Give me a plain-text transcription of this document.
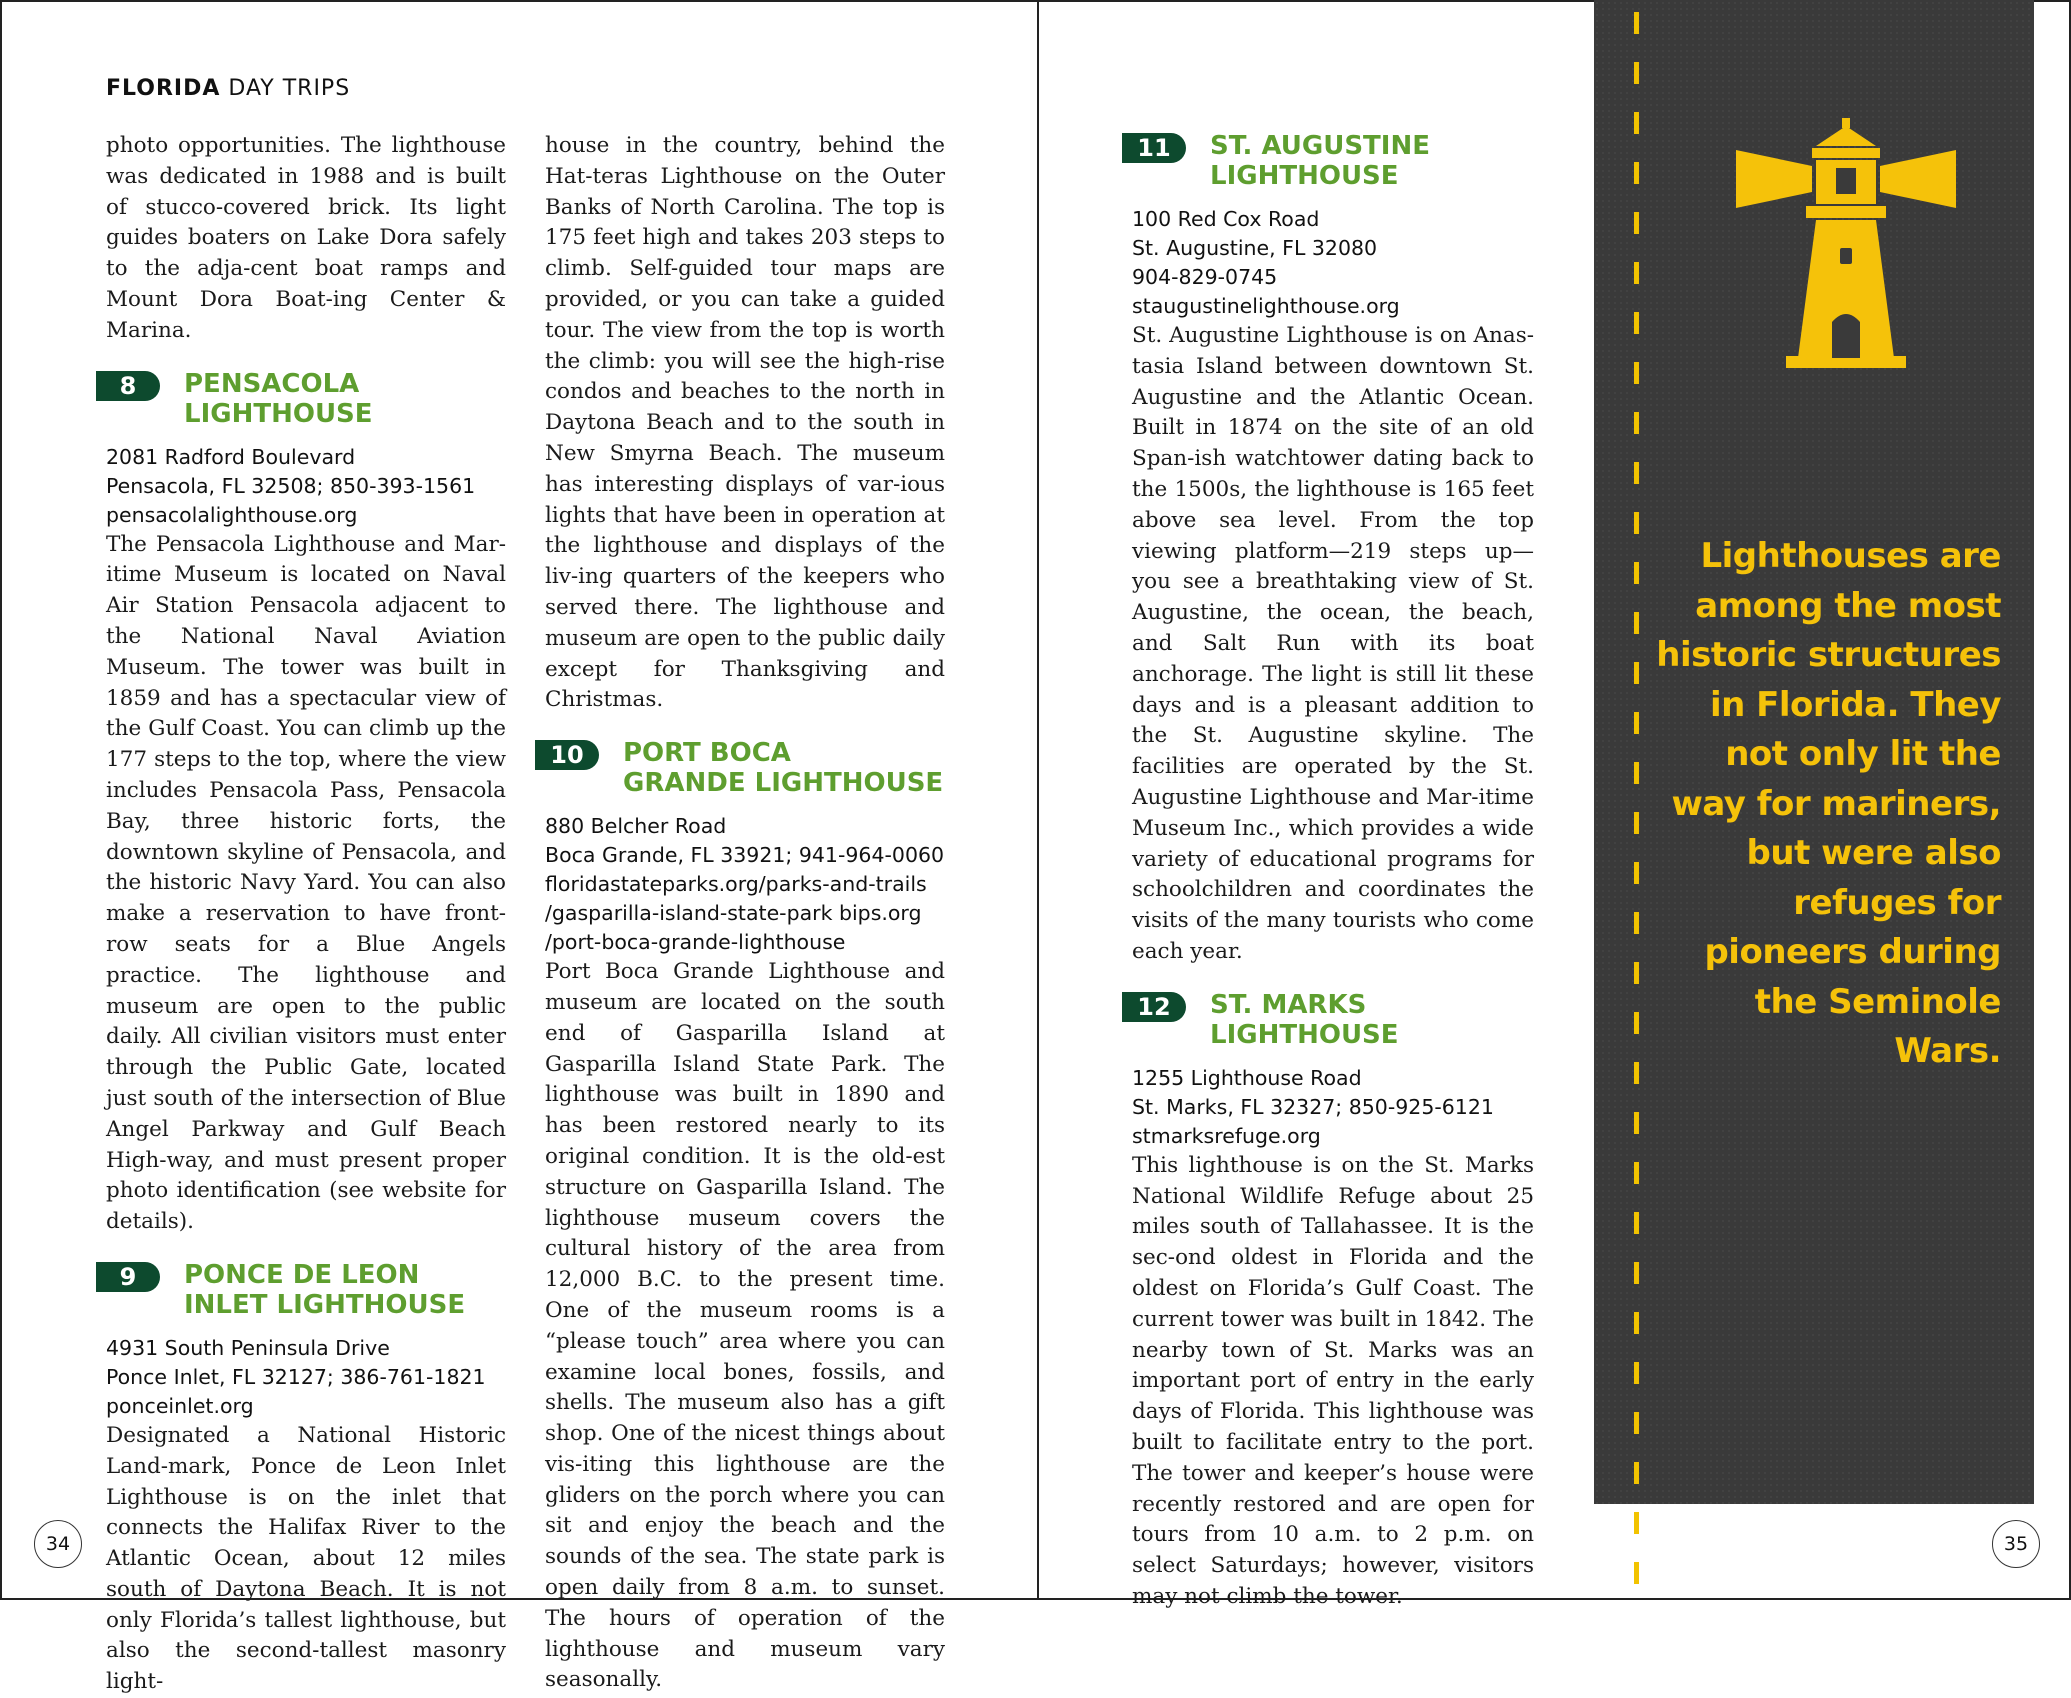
FLORIDA DAY TRIPS

photo opportunities. The lighthouse was dedicated in 1988 and is built of stucco-covered brick. Its light guides boaters on Lake Dora safely to the adja-cent boat ramps and Mount Dora Boat-ing Center & Marina.

8	PENSACOLA
LIGHTHOUSE
2081 Radford Boulevard
Pensacola, FL 32508; 850-393-1561
pensacolalighthouse.org

The Pensacola Lighthouse and Mar-itime Museum is located on Naval Air Station Pensacola adjacent to the National Naval Aviation Museum. The tower was built in 1859 and has a spectacular view of the Gulf Coast. You can climb up the 177 steps to the top, where the view includes Pensacola Pass, Pensacola Bay, three historic forts, the downtown skyline of Pensacola, and the historic Navy Yard. You can also make a reservation to have front-row seats for a Blue Angels practice. The lighthouse and museum are open to the public daily. All civilian visitors must enter through the Public Gate, located just south of the intersection of Blue Angel Parkway and Gulf Beach High-way, and must present proper photo identification (see website for details).

9	PONCE DE LEON
INLET LIGHTHOUSE
4931 South Peninsula Drive
Ponce Inlet, FL 32127; 386-761-1821
ponceinlet.org

Designated a National Historic Land-mark, Ponce de Leon Inlet Lighthouse is on the inlet that connects the Halifax River to the Atlantic Ocean, about 12 miles south of Daytona Beach. It is not only Florida’s tallest lighthouse, but also the second-tallest masonry light-

house in the country, behind the Hat-teras Lighthouse on the Outer Banks of North Carolina. The top is 175 feet high and takes 203 steps to climb. Self-guided tour maps are provided, or you can take a guided tour. The view from the top is worth the climb: you will see the high-rise condos and beaches to the north in Daytona Beach and to the south in New Smyrna Beach. The museum has interesting displays of var-ious lights that have been in operation at the lighthouse and displays of the liv-ing quarters of the keepers who served there. The lighthouse and museum are open to the public daily except for Thanksgiving and Christmas.

10	PORT BOCA
GRANDE LIGHTHOUSE
880 Belcher Road
Boca Grande, FL 33921; 941-964-0060
floridastateparks.org/parks-and-trails
/gasparilla-island-state-park bips.org
/port-boca-grande-lighthouse

Port Boca Grande Lighthouse and museum are located on the south end of Gasparilla Island at Gasparilla Island State Park. The lighthouse was built in 1890 and has been restored nearly to its original condition. It is the old-est structure on Gasparilla Island. The lighthouse museum covers the cultural history of the area from 12,000 B.C. to the present time. One of the museum rooms is a “please touch” area where you can examine local bones, fossils, and shells. The museum also has a gift shop. One of the nicest things about vis-iting this lighthouse are the gliders on the porch where you can sit and enjoy the beach and the sounds of the sea. The state park is open daily from 8 a.m. to sunset. The hours of operation of the lighthouse and museum vary seasonally.

34
11	ST. AUGUSTINE
LIGHTHOUSE
100 Red Cox Road
St. Augustine, FL 32080
904-829-0745
staugustinelighthouse.org

St. Augustine Lighthouse is on Anas-tasia Island between downtown St. Augustine and the Atlantic Ocean. Built in 1874 on the site of an old Span-ish watchtower dating back to the 1500s, the lighthouse is 165 feet above sea level. From the top viewing platform—219 steps up—you see a breathtaking view of St. Augustine, the ocean, the beach, and Salt Run with its boat anchorage. The light is still lit these days and is a pleasant addition to the St. Augustine skyline. The facilities are operated by the St. Augustine Lighthouse and Mar-itime Museum Inc., which provides a wide variety of educational programs for schoolchildren and coordinates the visits of the many tourists who come each year.

12	ST. MARKS LIGHTHOUSE
1255 Lighthouse Road
St. Marks, FL 32327; 850-925-6121
stmarksrefuge.org

This lighthouse is on the St. Marks National Wildlife Refuge about 25 miles south of Tallahassee. It is the sec-ond oldest in Florida and the oldest on Florida’s Gulf Coast. The current tower was built in 1842. The nearby town of St. Marks was an important port of entry in the early days of Florida. This lighthouse was built to facilitate entry to the port. The tower and keeper’s house were recently restored and are open for tours from 10 a.m. to 2 p.m. on select Saturdays; however, visitors may not climb the tower.

35
Lighthouses are among the most historic structures in Florida. They not only lit the way for mariners, but were also refuges for pioneers during the Seminole Wars.
